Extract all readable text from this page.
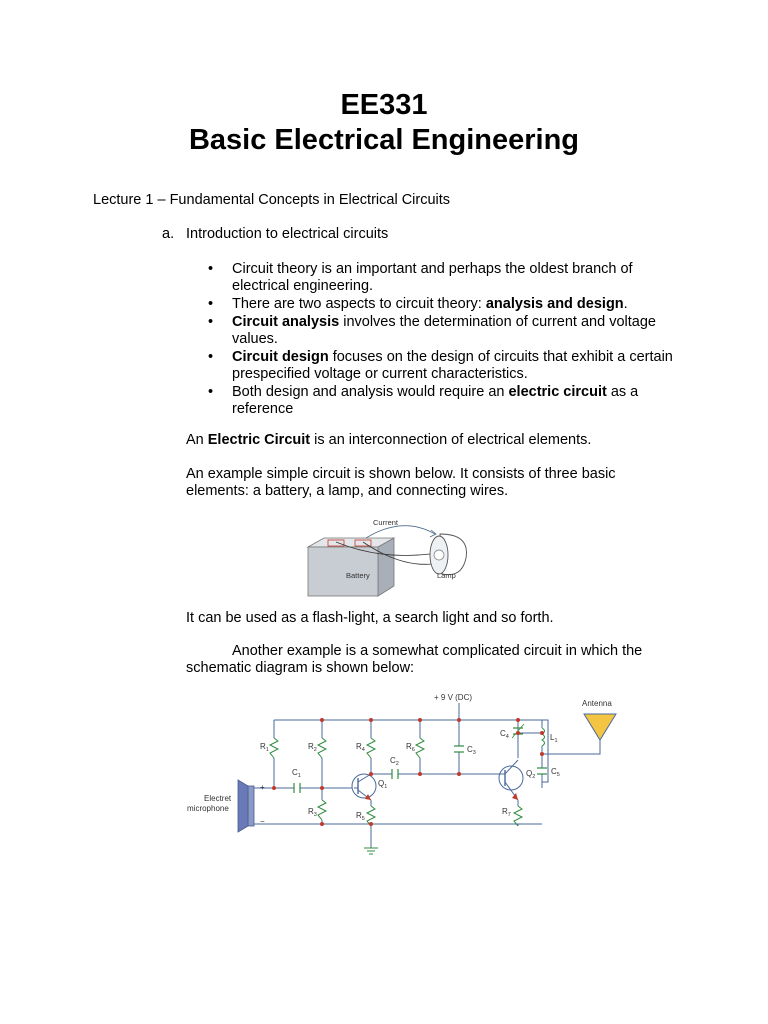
EE331
Basic Electrical Engineering
Lecture 1 – Fundamental Concepts in Electrical Circuits
a. Introduction to electrical circuits
• Circuit theory is an important and perhaps the oldest branch of electrical engineering.
• There are two aspects to circuit theory: analysis and design.
• Circuit analysis involves the determination of current and voltage values.
• Circuit design focuses on the design of circuits that exhibit a certain prespecified voltage or current characteristics.
• Both design and analysis would require an electric circuit as a reference
An Electric Circuit is an interconnection of electrical elements.
An example simple circuit is shown below. It consists of three basic
elements: a battery, a lamp, and connecting wires.
Current
Battery	Lamp
It can be used as a flash-light, a search light and so forth.
Another example is a somewhat complicated circuit in which the
schematic diagram is shown below:
Antenna
Electret
microphone
+
−
+ 9 V (DC)
$R_1$	$R_2$
$R_3$
$R_4$
$R_5$
$R_6$
$R_7$
$C_1$
$C_2$
$C_3$
$C_4$
$C_5$
$L_1$
$Q_1$
$Q_2$
